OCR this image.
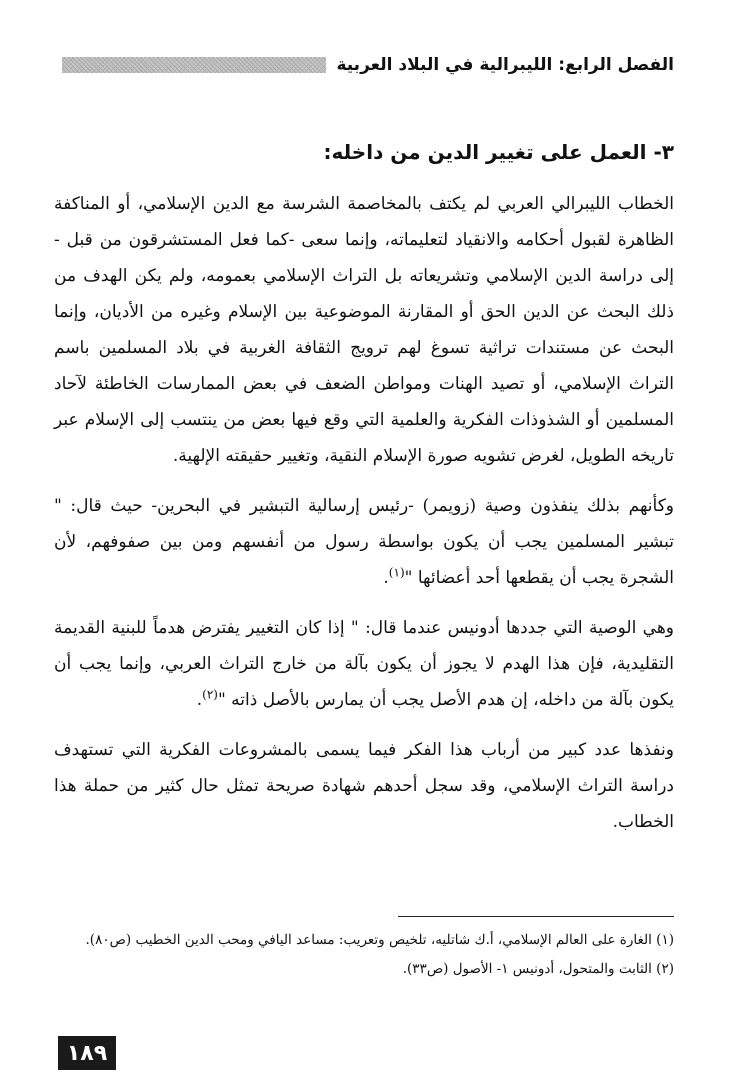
الفصل الرابع: الليبرالية في البلاد العربية
٣- العمل على تغيير الدين من داخله:

الخطاب الليبرالي العربي لم يكتف بالمخاصمة الشرسة مع الدين الإسلامي، أو المناكفة الظاهرة لقبول أحكامه والانقياد لتعليماته، وإنما سعى -كما فعل المستشرقون من قبل - إلى دراسة الدين الإسلامي وتشريعاته بل التراث الإسلامي بعمومه، ولم يكن الهدف من ذلك البحث عن الدين الحق أو المقارنة الموضوعية بين الإسلام وغيره من الأديان، وإنما البحث عن مستندات تراثية تسوغ لهم ترويج الثقافة الغربية في بلاد المسلمين باسم التراث الإسلامي، أو تصيد الهنات ومواطن الضعف في بعض الممارسات الخاطئة لآحاد المسلمين أو الشذوذات الفكرية والعلمية التي وقع فيها بعض من ينتسب إلى الإسلام عبر تاريخه الطويل، لغرض تشويه صورة الإسلام النقية، وتغيير حقيقته الإلهية.

وكأنهم بذلك ينفذون وصية (زويمر) -رئيس إرسالية التبشير في البحرين- حيث قال: " تبشير المسلمين يجب أن يكون بواسطة رسول من أنفسهم ومن بين صفوفهم، لأن الشجرة يجب أن يقطعها أحد أعضائها "$^{(١)}$.

وهي الوصية التي جددها أدونيس عندما قال: " إذا كان التغيير يفترض هدماً للبنية القديمة التقليدية، فإن هذا الهدم لا يجوز أن يكون بآلة من خارج التراث العربي، وإنما يجب أن يكون بآلة من داخله، إن هدم الأصل يجب أن يمارس بالأصل ذاته "$^{(٢)}$.

ونفذها عدد كبير من أرباب هذا الفكر فيما يسمى بالمشروعات الفكرية التي تستهدف دراسة التراث الإسلامي، وقد سجل أحدهم شهادة صريحة تمثل حال كثير من حملة هذا الخطاب.

(١) الغارة على العالم الإسلامي، أ.ك شاتليه، تلخيص وتعريب: مساعد اليافي ومحب الدين الخطيب (ص٨٠).

(٢) الثابت والمتحول، أدونيس ١- الأصول (ص٣٣).

١٨٩
